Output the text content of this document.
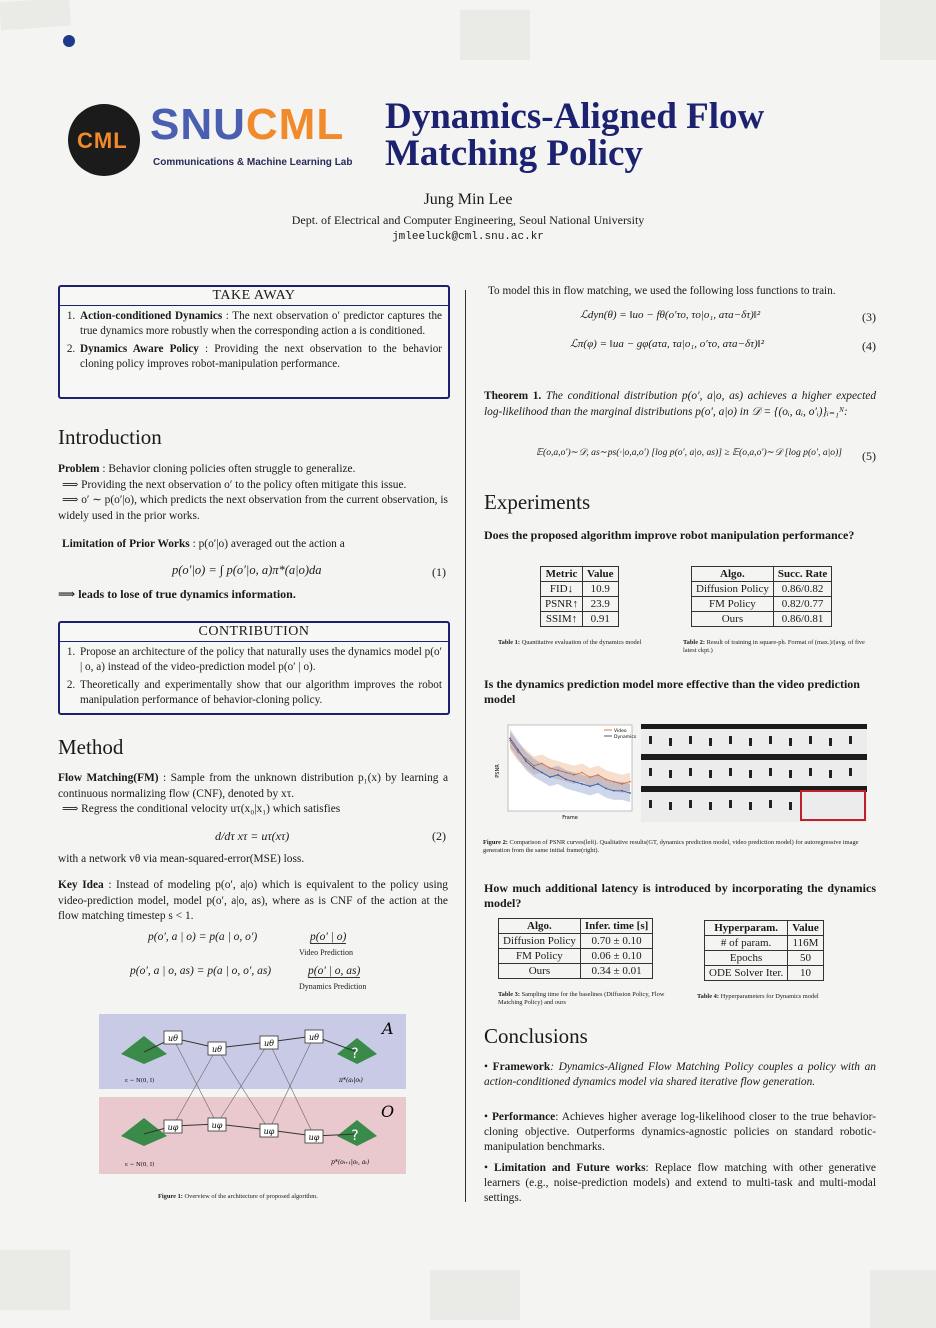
CML SNUCML
Communications & Machine Learning Lab
Dynamics-Aligned Flow
Matching Policy
Jung Min Lee
Dept. of Electrical and Computer Engineering, Seoul National University
jmleeluck@cml.snu.ac.kr
TAKE AWAY
1. Action-conditioned Dynamics : The next observation o′ predictor captures the true dynamics more robustly when the corresponding action a is conditioned.
2. Dynamics Aware Policy : Providing the next observation to the behavior cloning policy improves robot-manipulation performance.
Introduction
Problem : Behavior cloning policies often struggle to generalize.
⟹ Providing the next observation o′ to the policy often mitigate this issue.
⟹ o′ ∼ p(o′|o), which predicts the next observation from the current observation, is widely used in the prior works.
Limitation of Prior Works : p(o′|o) averaged out the action a
p(o′|o) = ∫ p(o′|o, a)π*(a|o)da	(1)
⟹ leads to lose of true dynamics information.
CONTRIBUTION
1. Propose an architecture of the policy that naturally uses the dynamics model p(o′ | o, a) instead of the video-prediction model p(o′ | o).
2. Theoretically and experimentally show that our algorithm improves the robot manipulation performance of behavior-cloning policy.
Method
Flow Matching(FM) : Sample from the unknown distribution p₁(x) by learning a continuous normalizing flow (CNF), denoted by xτ.
⟹ Regress the conditional velocity uτ(x₀|x₁) which satisfies
d/dτ xτ = uτ(xτ)	(2)
with a network vθ via mean-squared-error(MSE) loss.
Key Idea : Instead of modeling p(o′, a|o) which is equivalent to the policy using video-prediction model, model p(o′, a|o, as), where as is CNF of the action at the flow matching timestep s < 1.
p(o′, a | o) = p(a | o, o′)	p(o′ | o)
Video Prediction
p(o′, a | o, as) = p(a | o, o′, as)	p(o′ | o, as)
Dynamics Prediction
uθ
uθ
uθ
uθ
uφ	uφ
uφ
uφ
?
?
A
O
ε ∼ N(0, I)
ε ∼ N(0, I)
π*(aₜ|oₜ)
p*(oₜ₊₁|oₜ, aₜ)
Figure 1: Overview of the architecture of proposed algorithm.
To model this in flow matching, we used the following loss functions to train.
ℒdyn(θ) = ‖uo − fθ(o′τo, τo|o₁, aτa−δτ)‖²	(3)
ℒπ(φ) = ‖ua − gφ(aτa, τa|o₁, o′τo, aτa−δτ)‖²	(4)
Theorem 1. The conditional distribution p(o′, a|o, as) achieves a higher expected log-likelihood than the marginal distributions p(o′, a|o) in 𝒟 = {(oᵢ, aᵢ, o′ᵢ)}ᵢ₌₁ᴺ:
𝔼(o,a,o′)∼𝒟, as∼ps(·|o,a,o′) [log p(o′, a|o, as)] ≥ 𝔼(o,a,o′)∼𝒟 [log p(o′, a|o)]	(5)
Experiments
Does the proposed algorithm improve robot manipulation performance?
Metric	Value
FID↓	10.9
PSNR↑	23.9
SSIM↑	0.91
Algo.	Succ. Rate
Diffusion Policy	0.86/0.82
FM Policy	0.82/0.77
Ours	0.86/0.81
Table 1: Quantitative evaluation of the dynamics model	Table 2: Result of training in square-ph. Format of (max.)/(avg. of five latest ckpt.)
Is the dynamics prediction model more effective than the video prediction model
PSNR
Frame
Video
Dynamics
Figure 2: Comparison of PSNR curves(left). Qualitative results(GT, dynamics prediction model, video prediction model) for autoregressive image generation from the same initial frame(right).
How much additional latency is introduced by incorporating the dynamics model?
Algo.	Infer. time [s]
Diffusion Policy	0.70 ± 0.10
FM Policy	0.06 ± 0.10
Ours	0.34 ± 0.01
Hyperparam.	Value
# of param.	116M
Epochs	50
ODE Solver Iter.	10
Table 3: Sampling time for the baselines (Diffusion Policy, Flow Matching Policy) and ours
Table 4: Hyperparameters for Dynamics model
Conclusions
• Framework: Dynamics-Aligned Flow Matching Policy couples a policy with an action-conditioned dynamics model via shared iterative flow generation.
• Performance: Achieves higher average log-likelihood closer to the true behavior-cloning objective. Outperforms dynamics-agnostic policies on standard robotic-manipulation benchmarks.
• Limitation and Future works: Replace flow matching with other generative learners (e.g., noise-prediction models) and extend to multi-task and multi-modal settings.
